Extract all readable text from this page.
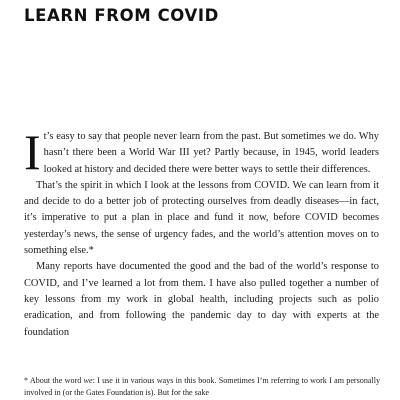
LEARN FROM COVID

It’s easy to say that people never learn from the past. But sometimes we do. Why hasn’t there been a World War III yet? Partly because, in 1945, world leaders looked at history and decided there were better ways to settle their differences.

That’s the spirit in which I look at the lessons from COVID. We can learn from it and decide to do a better job of protecting ourselves from deadly diseases—in fact, it’s imperative to put a plan in place and fund it now, before COVID becomes yesterday’s news, the sense of urgency fades, and the world’s attention moves on to something else.*

Many reports have documented the good and the bad of the world’s response to COVID, and I’ve learned a lot from them. I have also pulled together a number of key lessons from my work in global health, including projects such as polio eradication, and from following the pandemic day to day with experts at the foundation

* About the word we: I use it in various ways in this book. Sometimes I’m referring to work I am personally involved in (or the Gates Foundation is). But for the sake
